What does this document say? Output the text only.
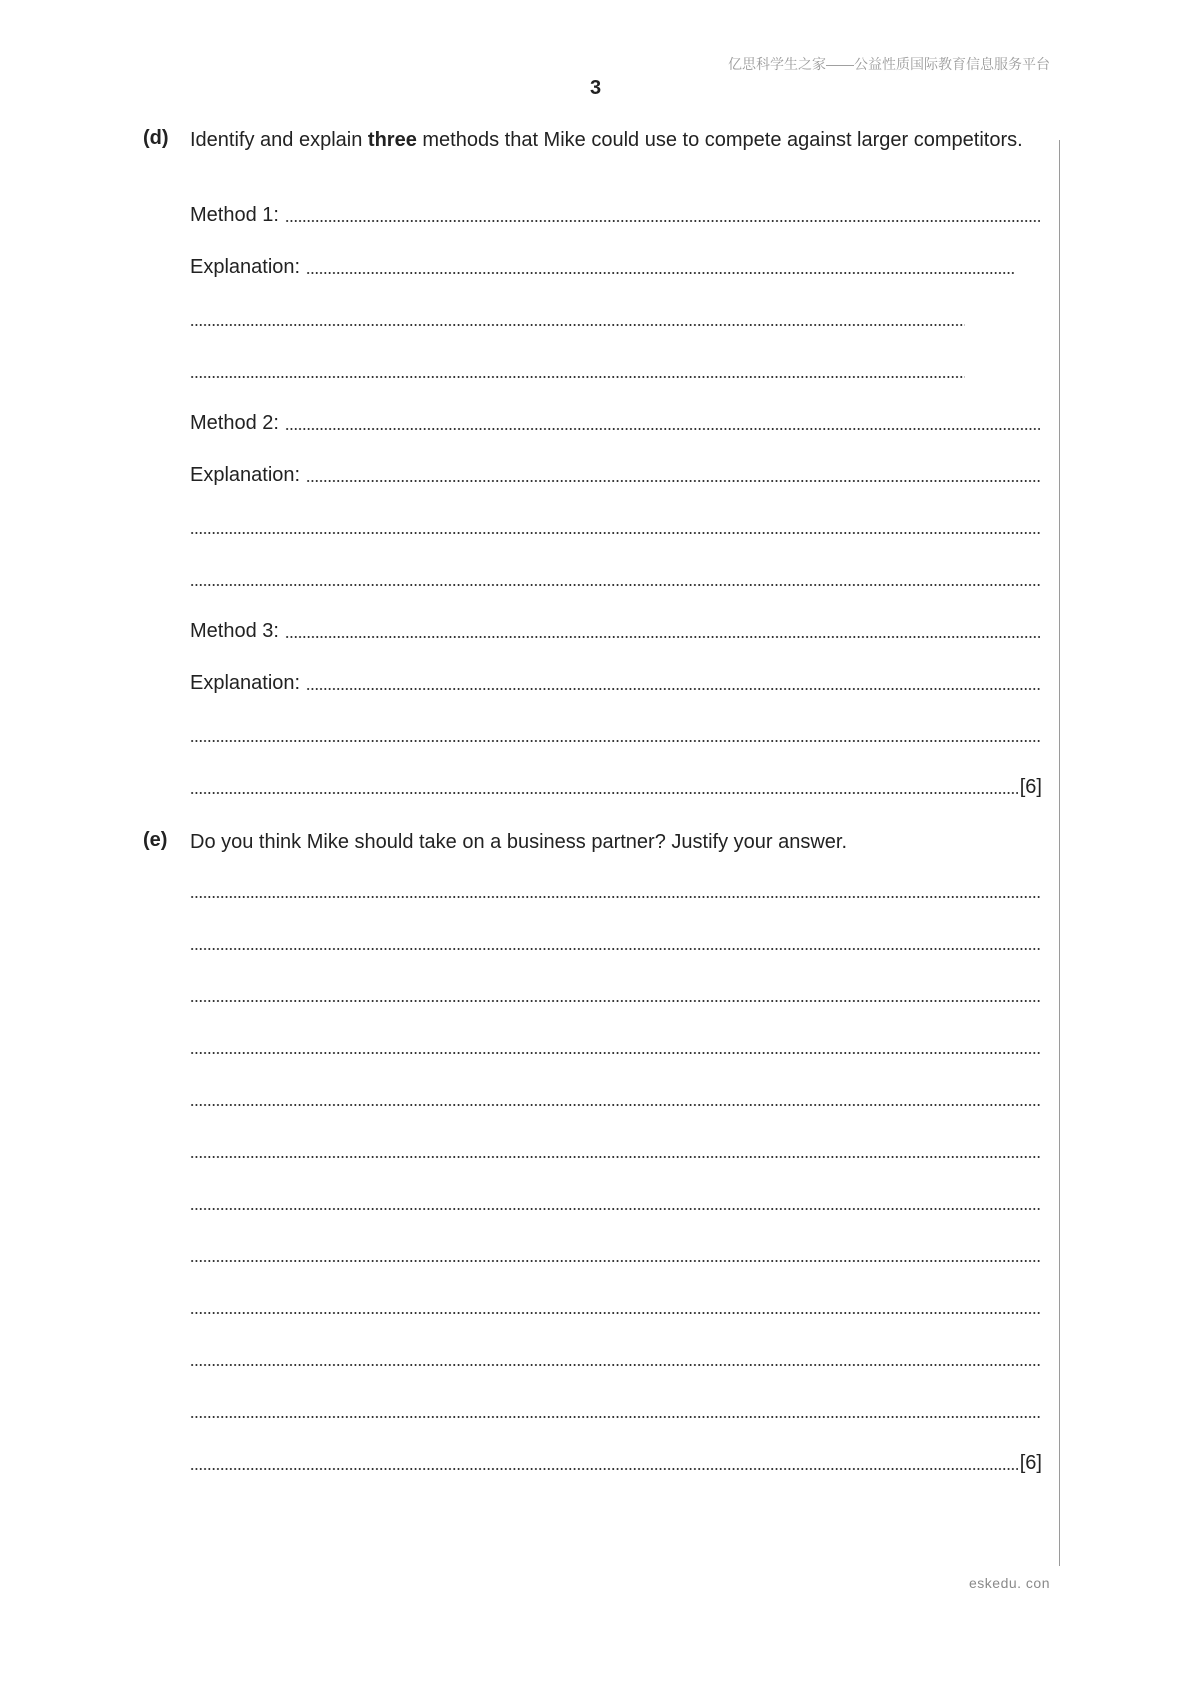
亿思科学生之家——公益性质国际教育信息服务平台
3
(d) Identify and explain three methods that Mike could use to compete against larger competitors.
Method 1:
Explanation:
Method 2:
Explanation:
Method 3:
Explanation:
[6]
(e) Do you think Mike should take on a business partner? Justify your answer.
[6]
eskedu. con
